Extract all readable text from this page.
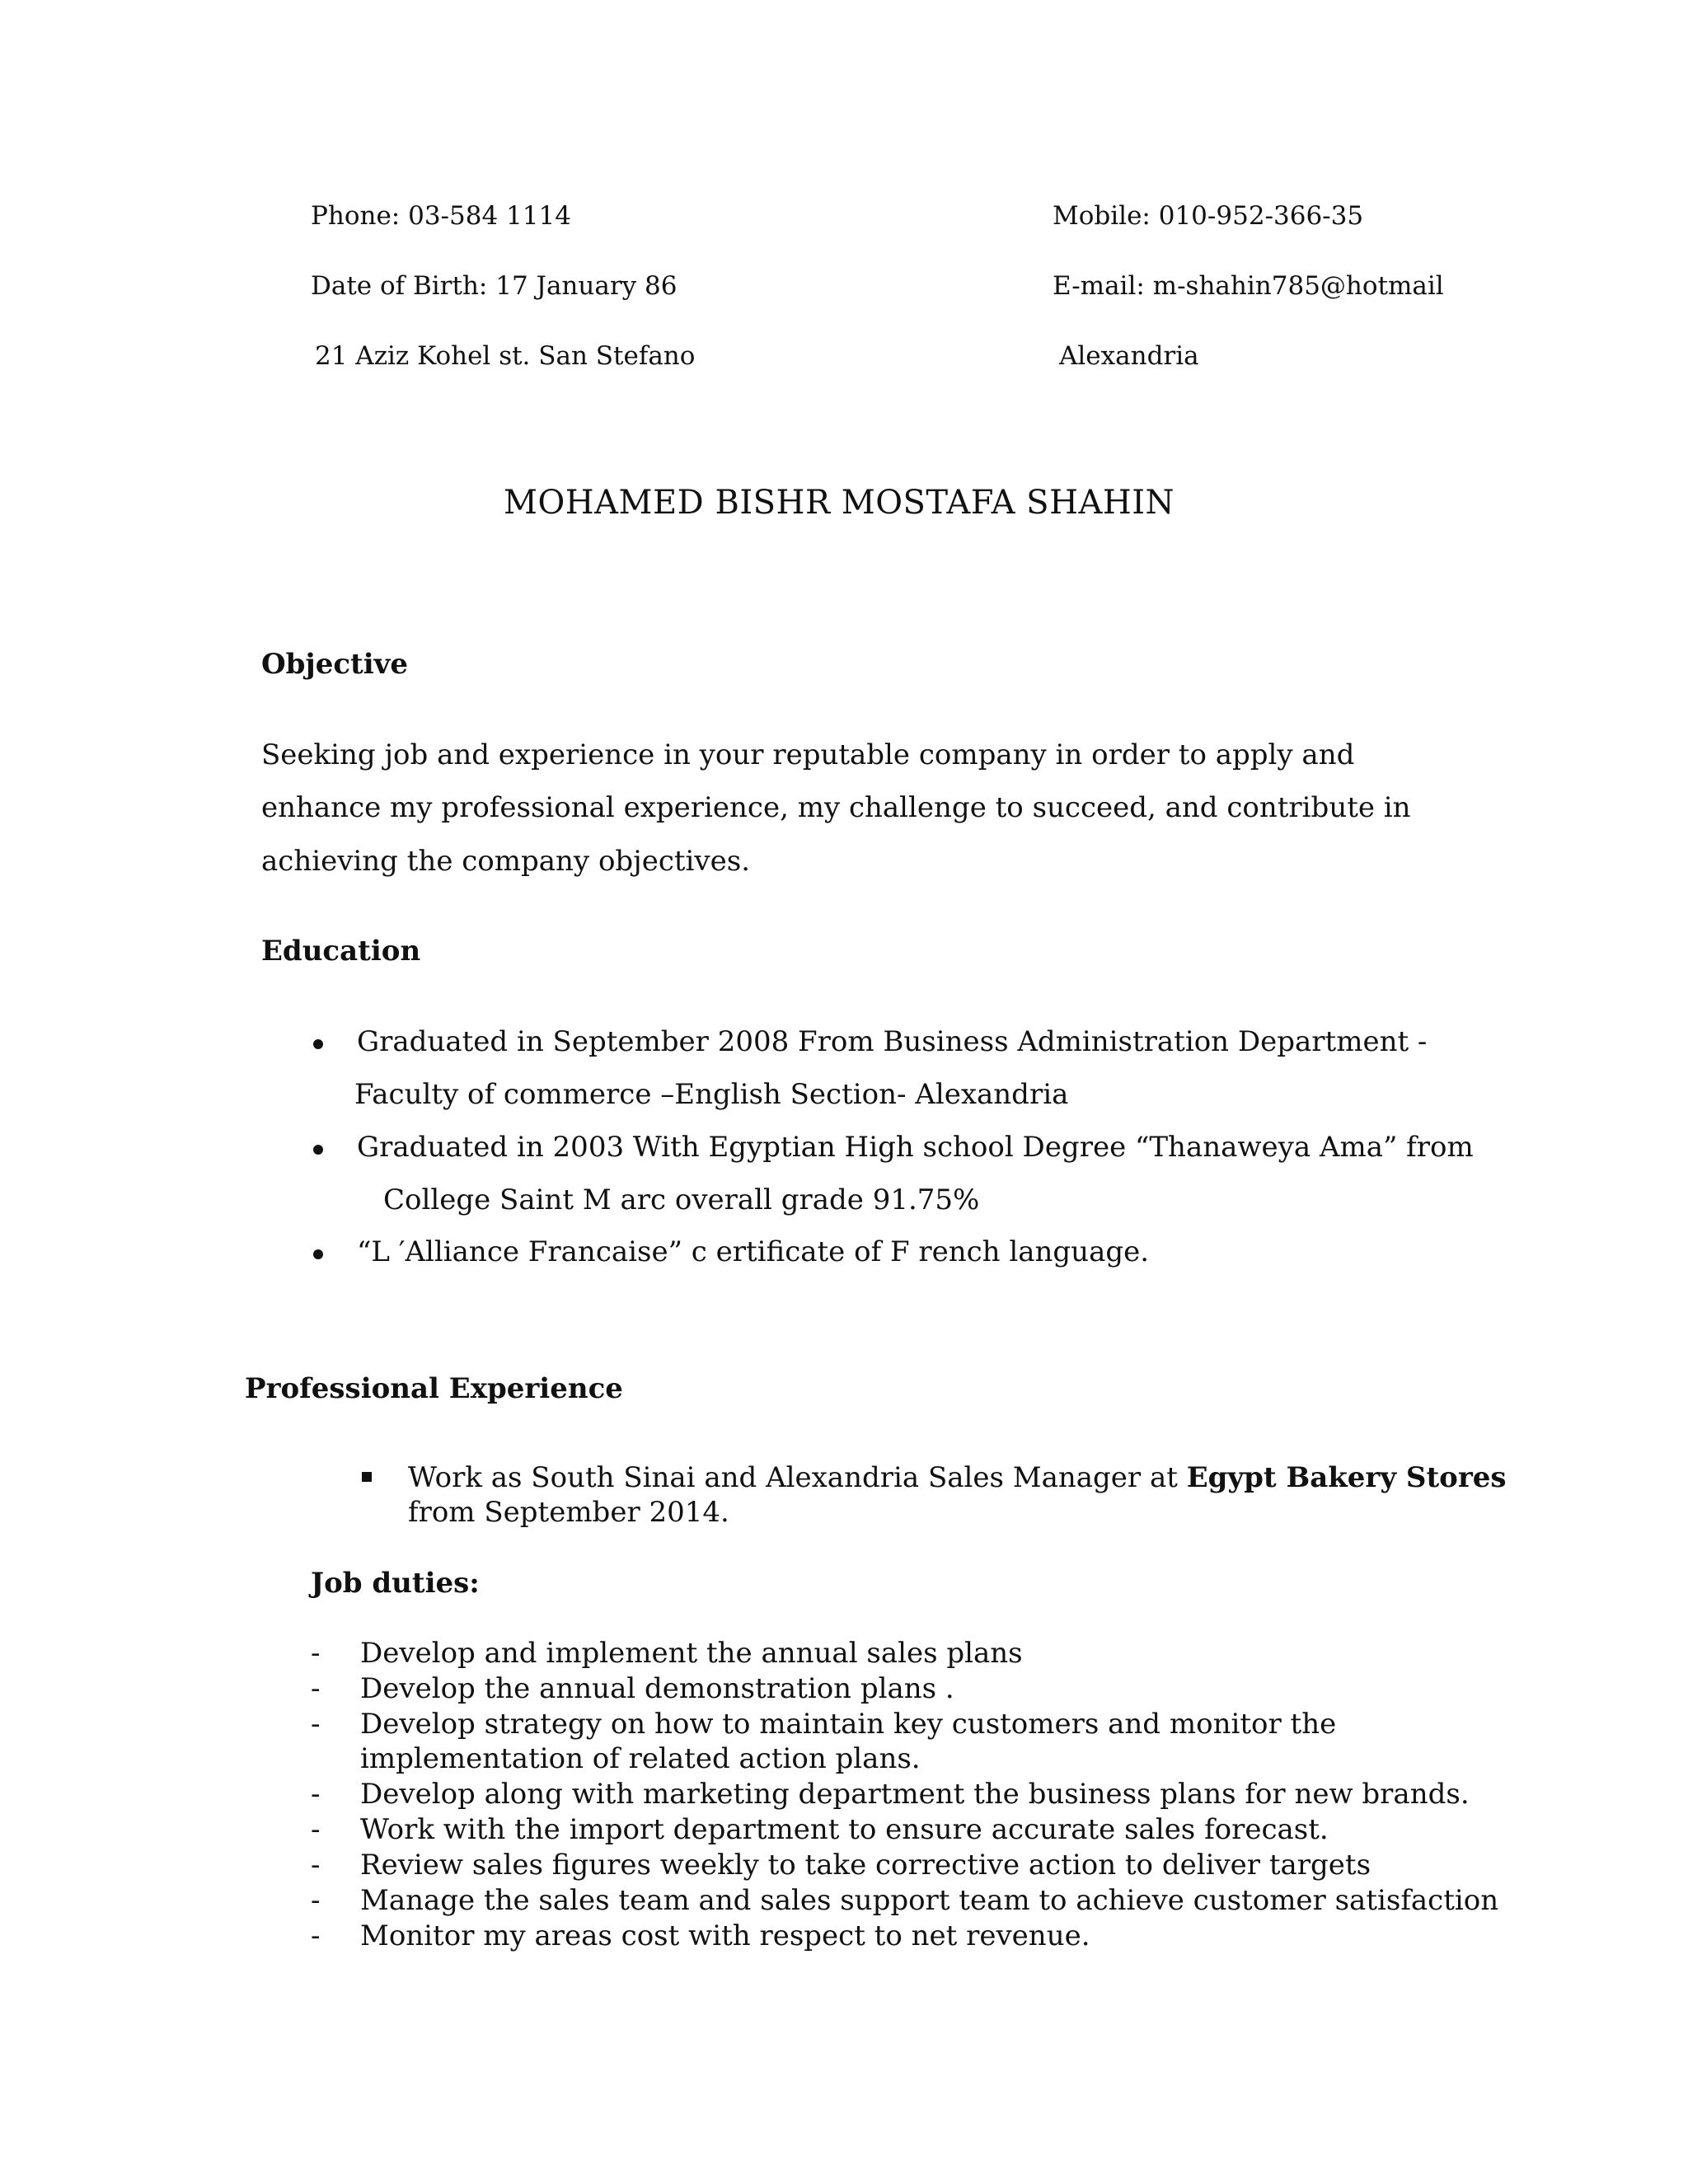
Phone: 03-584 1114	Mobile: 010-952-366-35
Date of Birth: 17 January 86	E-mail: m-shahin785@hotmail
21 Aziz Kohel st. San Stefano	Alexandria
MOHAMED BISHR MOSTAFA SHAHIN
Objective
Seeking job and experience in your reputable company in order to apply and
enhance my professional experience, my challenge to succeed, and contribute in
achieving the company objectives.
Education
Graduated in September 2008 From Business Administration Department -
Faculty of commerce –English Section- Alexandria
Graduated in 2003 With Egyptian High school Degree “Thanaweya Ama” from
College Saint M arc overall grade 91.75%
“L ′Alliance Francaise” c ertificate of F rench language.
Professional Experience
Work as South Sinai and Alexandria Sales Manager at Egypt Bakery Stores
from September 2014.
Job duties:
- Develop and implement the annual sales plans
- Develop the annual demonstration plans .
- Develop strategy on how to maintain key customers and monitor the
implementation of related action plans.
- Develop along with marketing department the business plans for new brands.
- Work with the import department to ensure accurate sales forecast.
- Review sales figures weekly to take corrective action to deliver targets
- Manage the sales team and sales support team to achieve customer satisfaction
- Monitor my areas cost with respect to net revenue.
